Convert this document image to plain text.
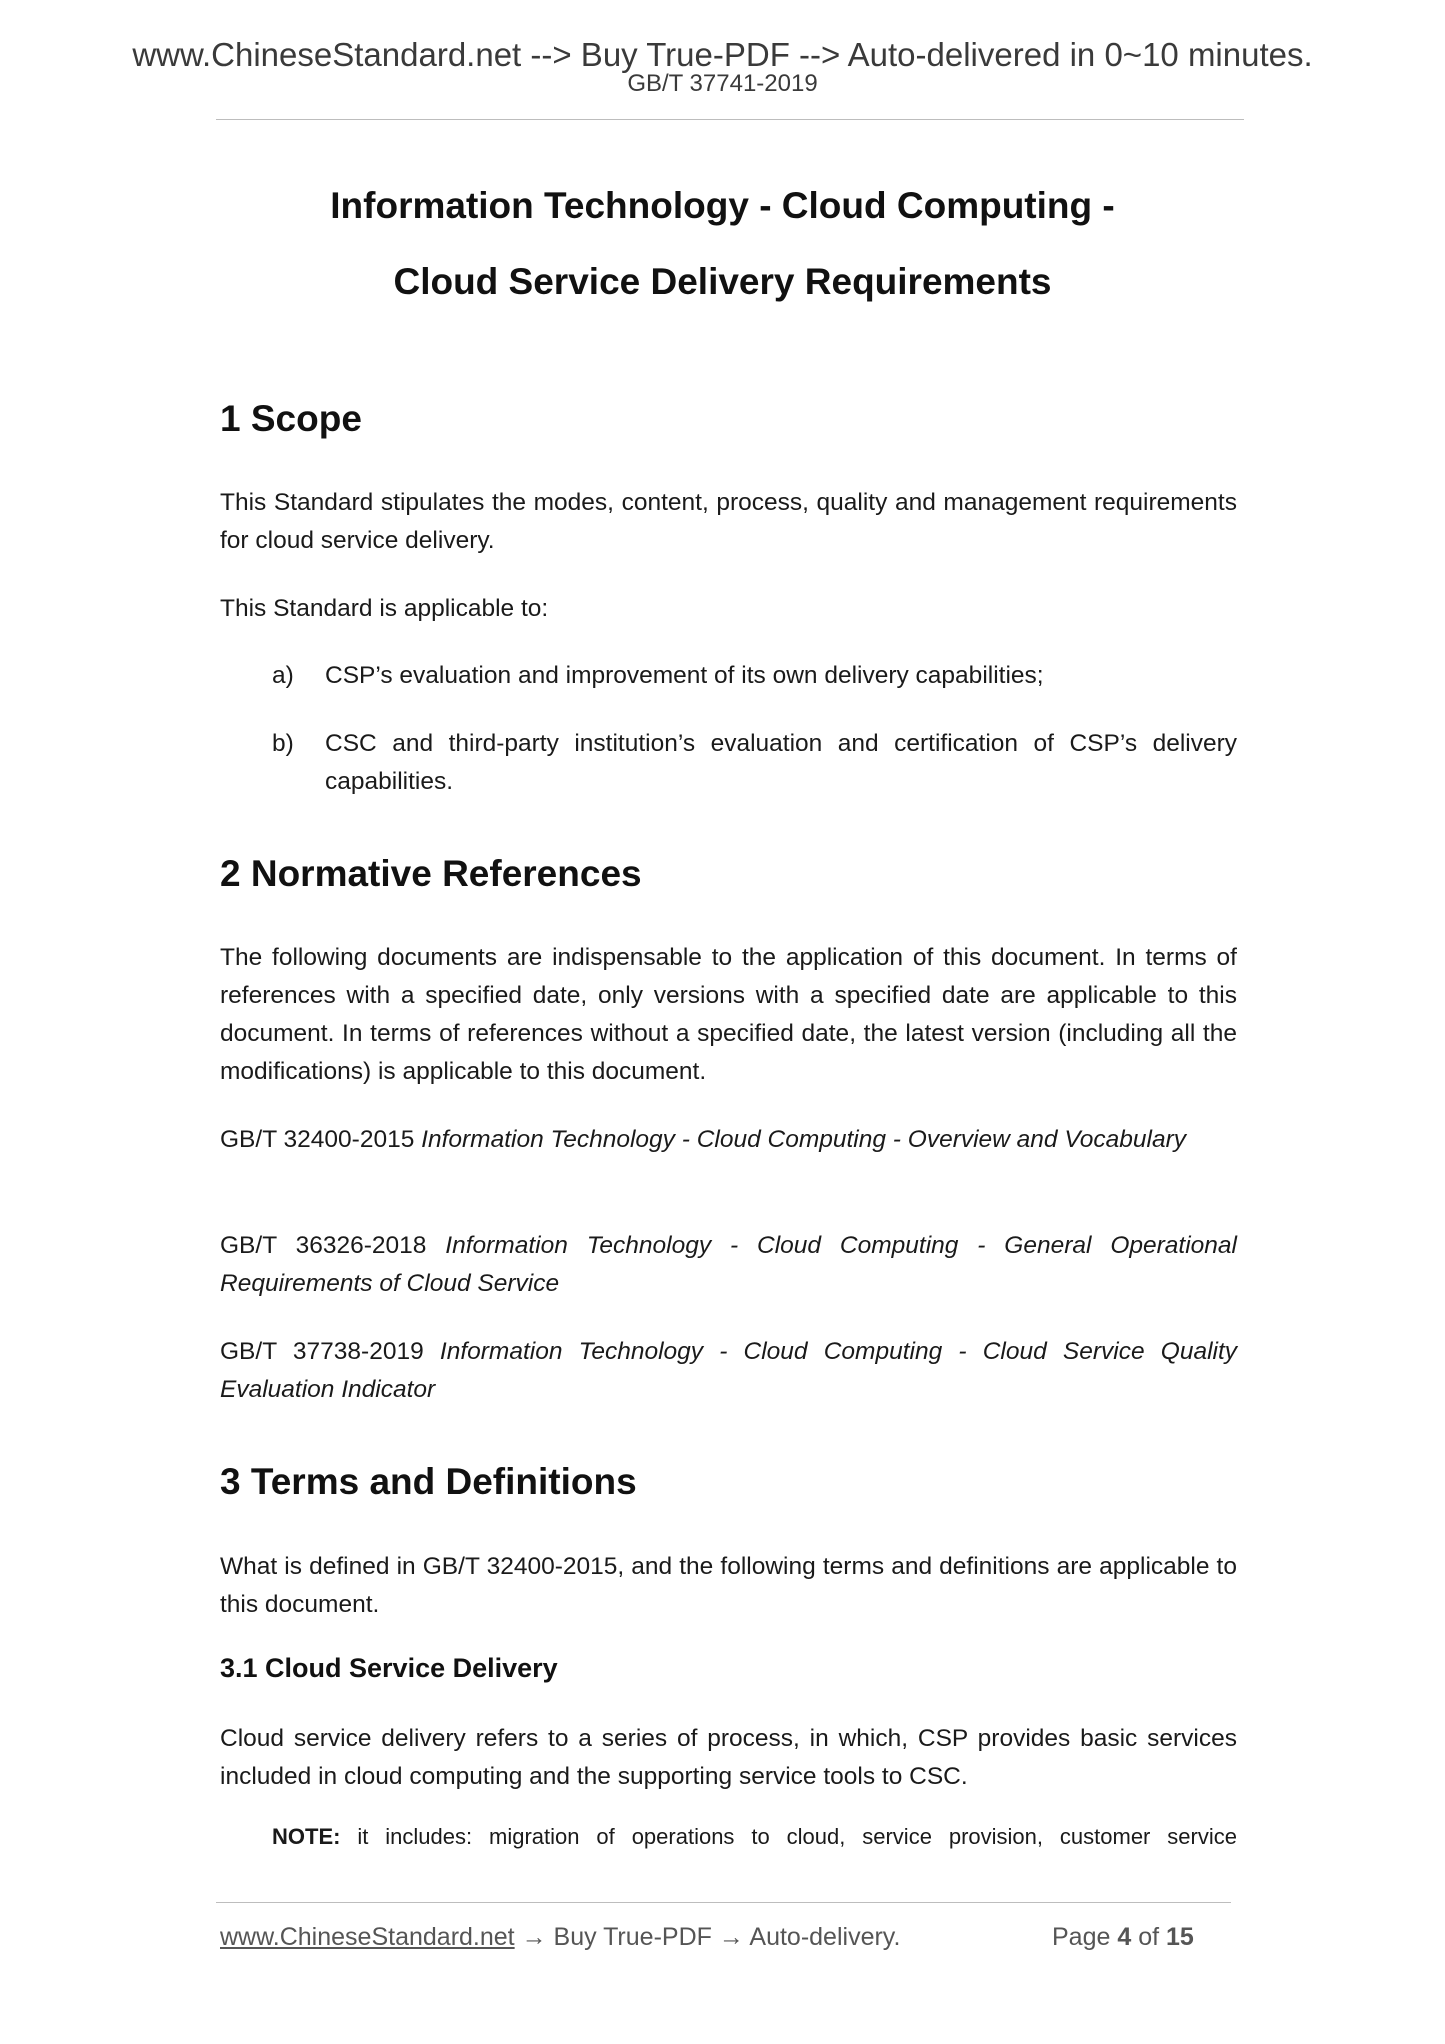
www.ChineseStandard.net --> Buy True-PDF --> Auto-delivered in 0~10 minutes.
GB/T 37741-2019
Information Technology - Cloud Computing -
Cloud Service Delivery Requirements
1 Scope
This Standard stipulates the modes, content, process, quality and management requirements for cloud service delivery.
This Standard is applicable to:
a)	CSP’s evaluation and improvement of its own delivery capabilities;
b)	CSC and third-party institution’s evaluation and certification of CSP’s delivery capabilities.
2 Normative References
The following documents are indispensable to the application of this document. In terms of references with a specified date, only versions with a specified date are applicable to this document. In terms of references without a specified date, the latest version (including all the modifications) is applicable to this document.
GB/T 32400-2015 Information Technology - Cloud Computing - Overview and Vocabulary
GB/T 36326-2018 Information Technology - Cloud Computing - General Operational Requirements of Cloud Service
GB/T 37738-2019 Information Technology - Cloud Computing - Cloud Service Quality Evaluation Indicator
3 Terms and Definitions
What is defined in GB/T 32400-2015, and the following terms and definitions are applicable to this document.
3.1 Cloud Service Delivery
Cloud service delivery refers to a series of process, in which, CSP provides basic services included in cloud computing and the supporting service tools to CSC.
NOTE: it includes: migration of operations to cloud, service provision, customer service
www.ChineseStandard.net → Buy True-PDF → Auto-delivery.	Page 4 of 15
